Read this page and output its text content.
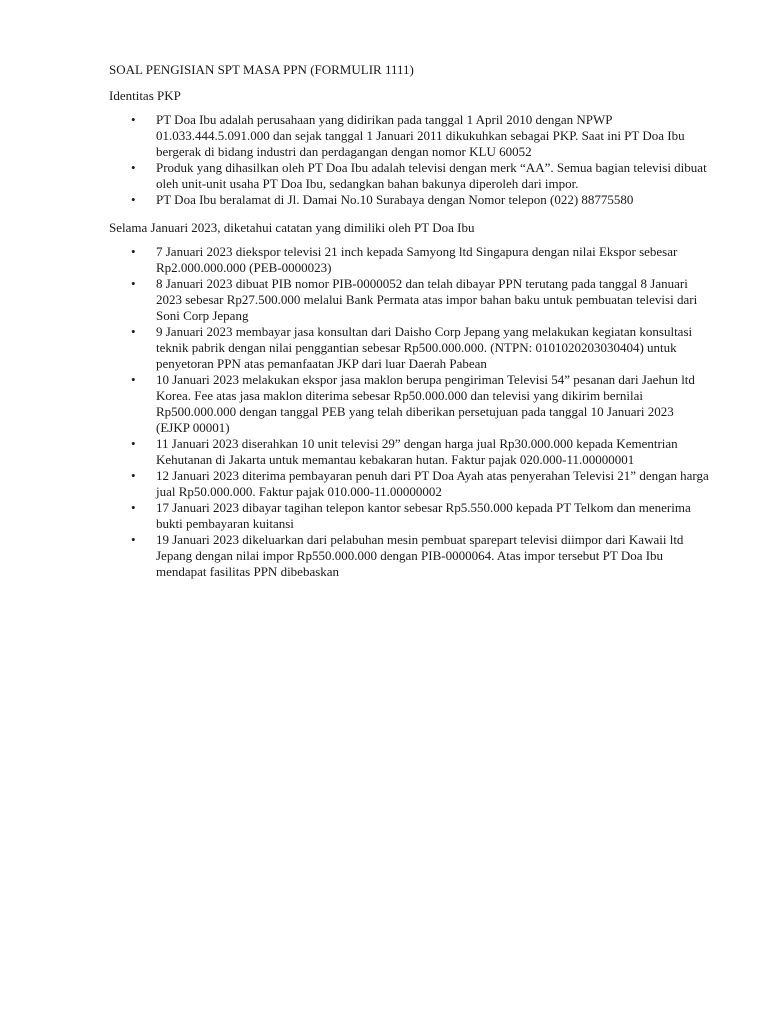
SOAL PENGISIAN SPT MASA PPN (FORMULIR 1111)

Identitas PKP

• PT Doa Ibu adalah perusahaan yang didirikan pada tanggal 1 April 2010 dengan NPWP 01.033.444.5.091.000 dan sejak tanggal 1 Januari 2011 dikukuhkan sebagai PKP. Saat ini PT Doa Ibu bergerak di bidang industri dan perdagangan dengan nomor KLU 60052
• Produk yang dihasilkan oleh PT Doa Ibu adalah televisi dengan merk “AA”. Semua bagian televisi dibuat oleh unit-unit usaha PT Doa Ibu, sedangkan bahan bakunya diperoleh dari impor.
• PT Doa Ibu beralamat di Jl. Damai No.10 Surabaya dengan Nomor telepon (022) 88775580

Selama Januari 2023, diketahui catatan yang dimiliki oleh PT Doa Ibu

• 7 Januari 2023 diekspor televisi 21 inch kepada Samyong ltd Singapura dengan nilai Ekspor sebesar Rp2.000.000.000 (PEB-0000023)
• 8 Januari 2023 dibuat PIB nomor PIB-0000052 dan telah dibayar PPN terutang pada tanggal 8 Januari 2023 sebesar Rp27.500.000 melalui Bank Permata atas impor bahan baku untuk pembuatan televisi dari Soni Corp Jepang
• 9 Januari 2023 membayar jasa konsultan dari Daisho Corp Jepang yang melakukan kegiatan konsultasi teknik pabrik dengan nilai penggantian sebesar Rp500.000.000. (NTPN: 0101020203030404) untuk penyetoran PPN atas pemanfaatan JKP dari luar Daerah Pabean
• 10 Januari 2023 melakukan ekspor jasa maklon berupa pengiriman Televisi 54” pesanan dari Jaehun ltd Korea. Fee atas jasa maklon diterima sebesar Rp50.000.000 dan televisi yang dikirim bernilai Rp500.000.000 dengan tanggal PEB yang telah diberikan persetujuan pada tanggal 10 Januari 2023 (EJKP 00001)
• 11 Januari 2023 diserahkan 10 unit televisi 29” dengan harga jual Rp30.000.000 kepada Kementrian Kehutanan di Jakarta untuk memantau kebakaran hutan. Faktur pajak 020.000-11.00000001
• 12 Januari 2023 diterima pembayaran penuh dari PT Doa Ayah atas penyerahan Televisi 21” dengan harga jual Rp50.000.000. Faktur pajak 010.000-11.00000002
• 17 Januari 2023 dibayar tagihan telepon kantor sebesar Rp5.550.000 kepada PT Telkom dan menerima bukti pembayaran kuitansi
• 19 Januari 2023 dikeluarkan dari pelabuhan mesin pembuat sparepart televisi diimpor dari Kawaii ltd Jepang dengan nilai impor Rp550.000.000 dengan PIB-0000064. Atas impor tersebut PT Doa Ibu mendapat fasilitas PPN dibebaskan
